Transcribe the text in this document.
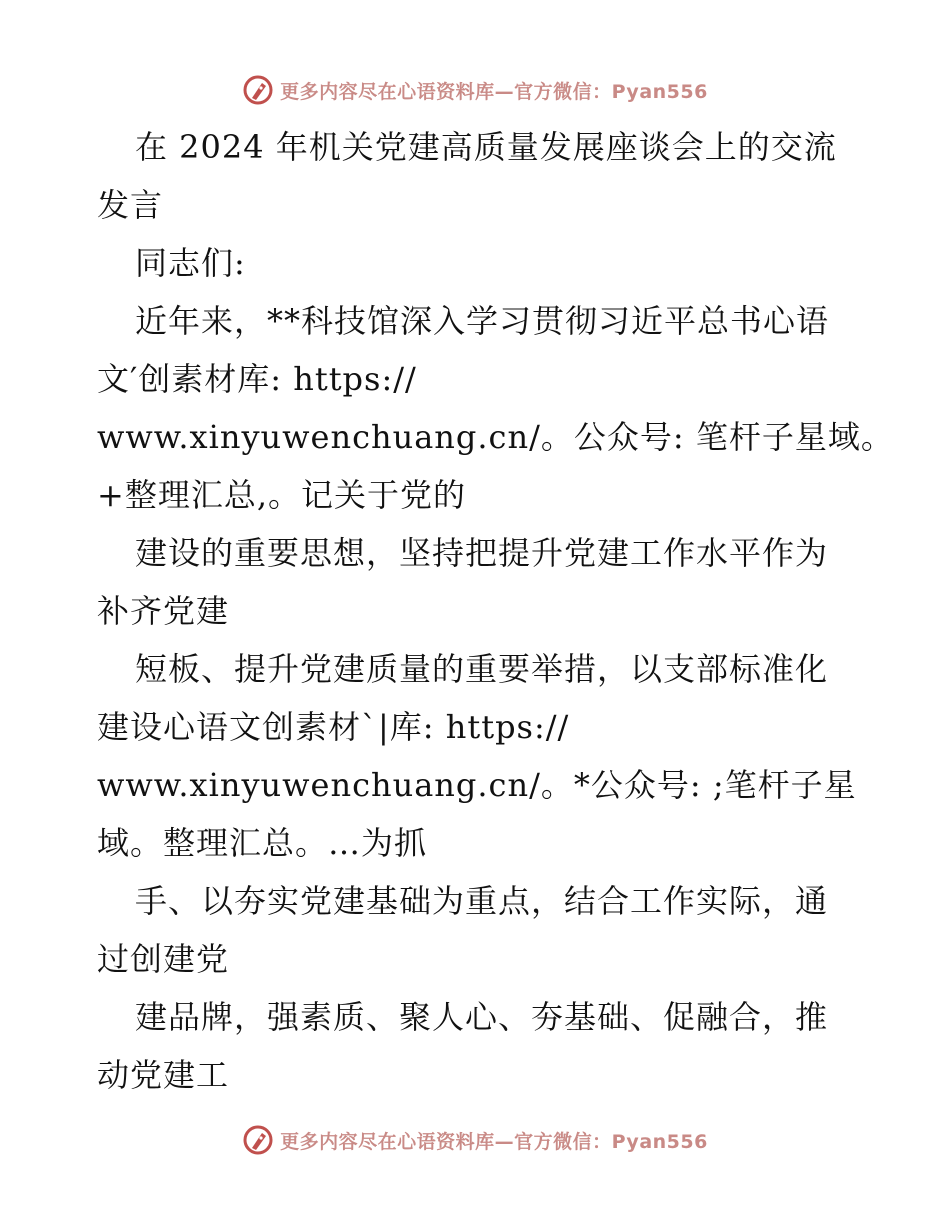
更多内容尽在心语资料库—官方微信：Pyan556
在 2024 年机关党建高质量发展座谈会上的交流
发言
同志们:
近年来，**科技馆深入学习贯彻习近平总书心语
文′创素材库: https://
www.xinyuwenchuang.cn/。公众号: 笔杆子星域。
+整理汇总,。记关于党的
建设的重要思想，坚持把提升党建工作水平作为
补齐党建
短板、提升党建质量的重要举措，以支部标准化
建设心语文创素材`|库: https://
www.xinyuwenchuang.cn/。*公众号: ;笔杆子星
域。整理汇总。…为抓
手、以夯实党建基础为重点，结合工作实际，通
过创建党
建品牌，强素质、聚人心、夯基础、促融合，推
动党建工
更多内容尽在心语资料库—官方微信：Pyan556
